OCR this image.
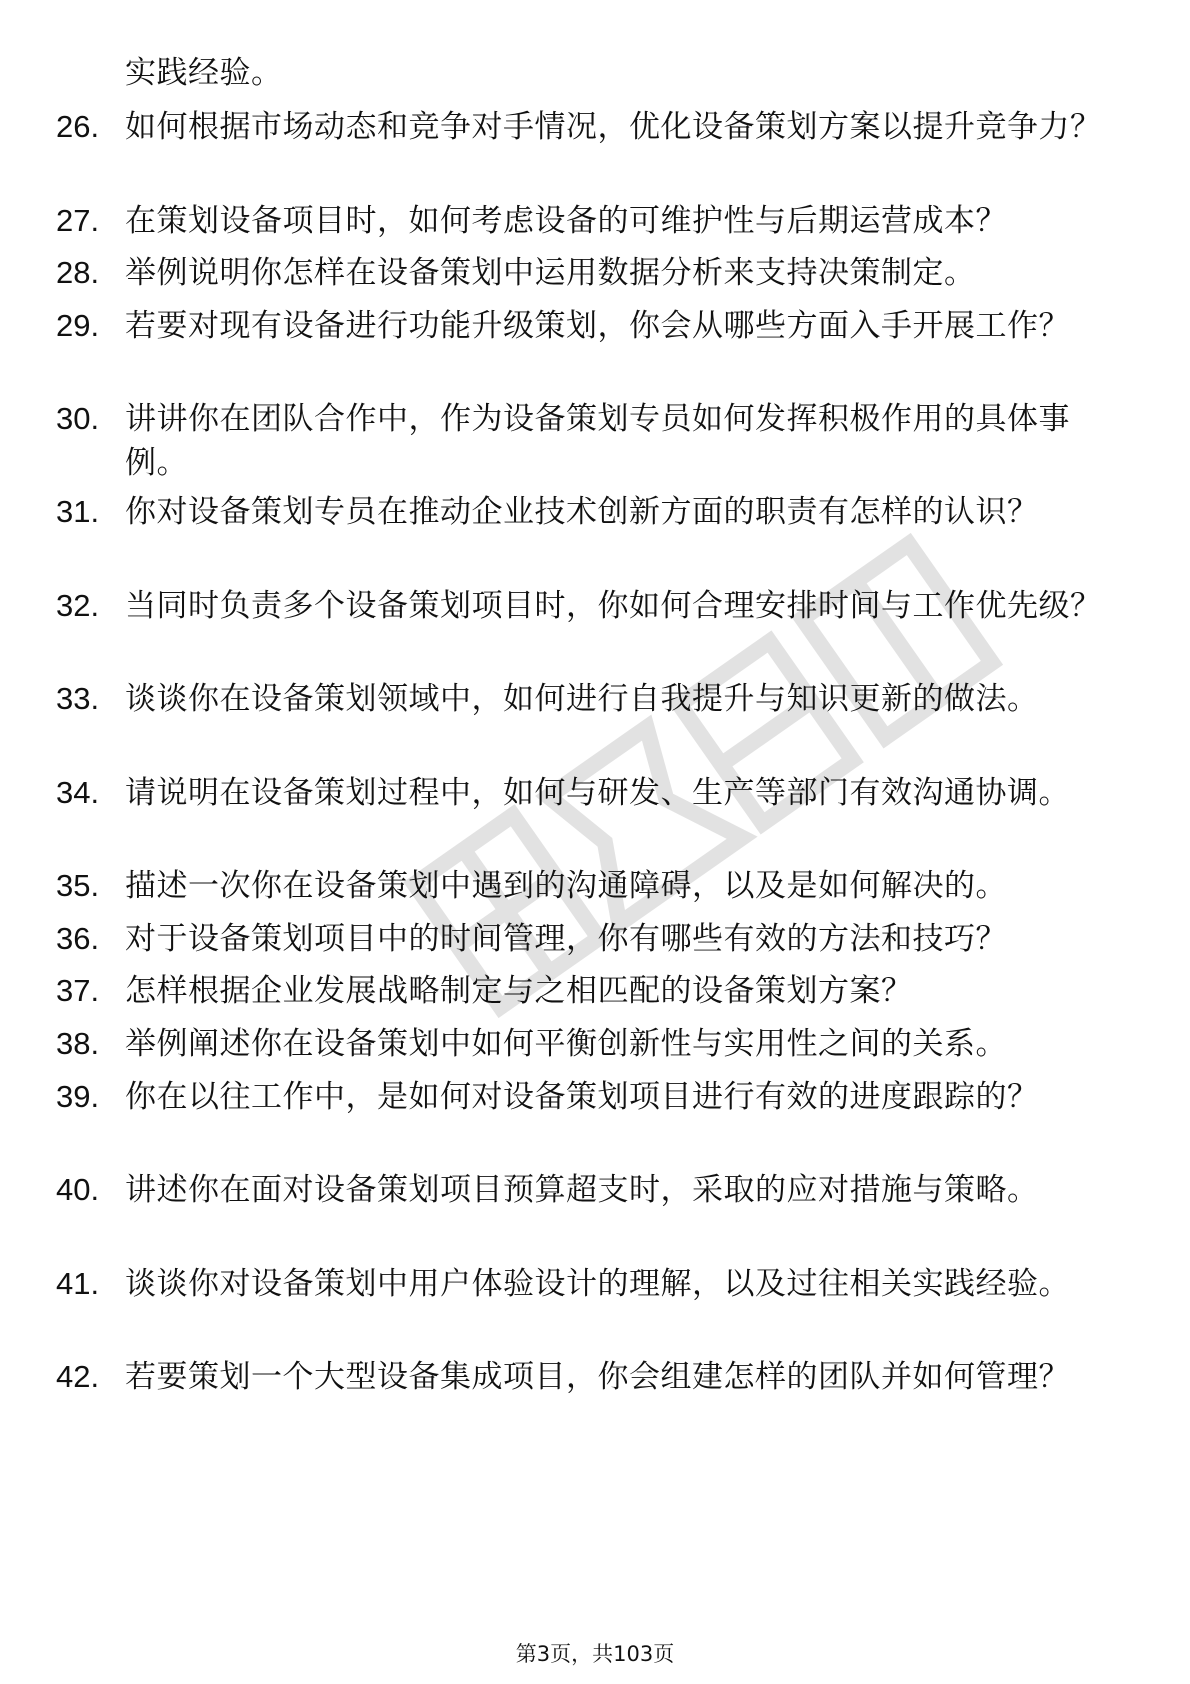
实践经验。
26. 如何根据市场动态和竞争对手情况，优化设备策划方案以提升竞争力？
27. 在策划设备项目时，如何考虑设备的可维护性与后期运营成本？
28. 举例说明你怎样在设备策划中运用数据分析来支持决策制定。
29. 若要对现有设备进行功能升级策划，你会从哪些方面入手开展工作？
30. 讲讲你在团队合作中，作为设备策划专员如何发挥积极作用的具体事例。
31. 你对设备策划专员在推动企业技术创新方面的职责有怎样的认识？
32. 当同时负责多个设备策划项目时，你如何合理安排时间与工作优先级？
33. 谈谈你在设备策划领域中，如何进行自我提升与知识更新的做法。
34. 请说明在设备策划过程中，如何与研发、生产等部门有效沟通协调。
35. 描述一次你在设备策划中遇到的沟通障碍，以及是如何解决的。
36. 对于设备策划项目中的时间管理，你有哪些有效的方法和技巧？
37. 怎样根据企业发展战略制定与之相匹配的设备策划方案？
38. 举例阐述你在设备策划中如何平衡创新性与实用性之间的关系。
39. 你在以往工作中，是如何对设备策划项目进行有效的进度跟踪的？
40. 讲述你在面对设备策划项目预算超支时，采取的应对措施与策略。
41. 谈谈你对设备策划中用户体验设计的理解，以及过往相关实践经验。
42. 若要策划一个大型设备集成项目，你会组建怎样的团队并如何管理？
第3页，共103页
